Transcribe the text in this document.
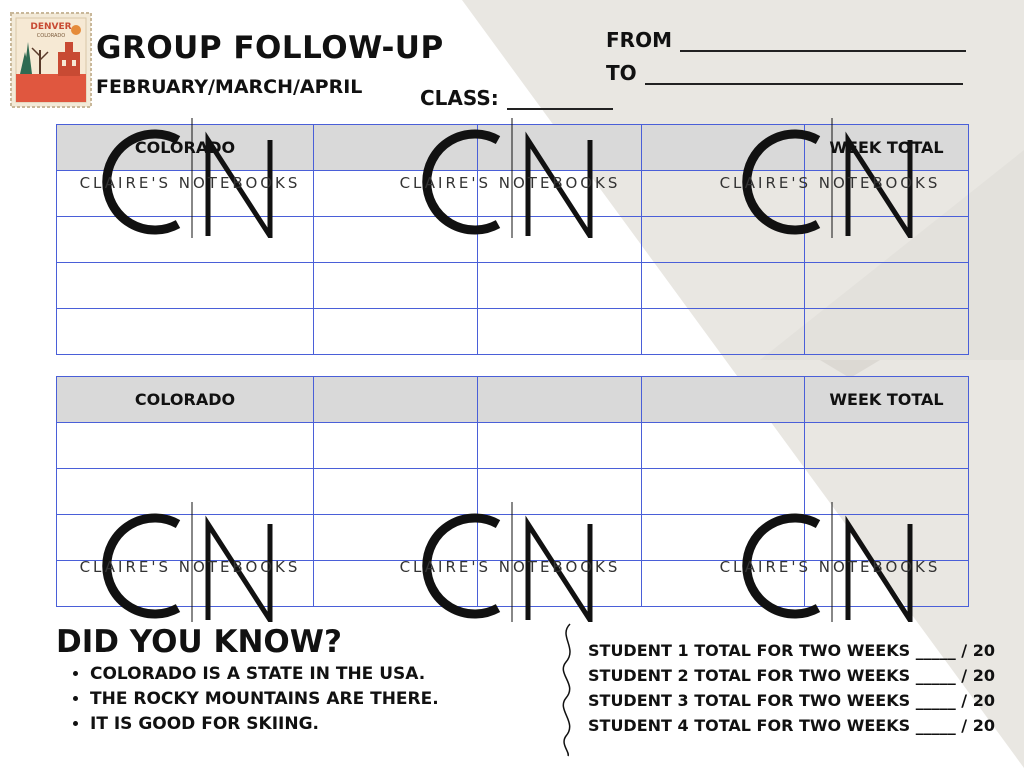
DENVER
COLORADO GROUP FOLLOW-UP
FEBRUARY/MARCH/APRIL
FROM
TO
CLASS:
COLORADO				WEEK TOTAL

COLORADO				WEEK TOTAL

CLAIRE'S NOTEBOOKS	CLAIRE'S NOTEBOOKS	CLAIRE'S NOTEBOOKS
CLAIRE'S NOTEBOOKS	CLAIRE'S NOTEBOOKS	CLAIRE'S NOTEBOOKS
DID YOU KNOW?
• COLORADO IS A STATE IN THE USA.
• THE ROCKY MOUNTAINS ARE THERE.
• IT IS GOOD FOR SKIING.
STUDENT 1 TOTAL FOR TWO WEEKS _____ / 20
STUDENT 2 TOTAL FOR TWO WEEKS _____ / 20
STUDENT 3 TOTAL FOR TWO WEEKS _____ / 20
STUDENT 4 TOTAL FOR TWO WEEKS _____ / 20
